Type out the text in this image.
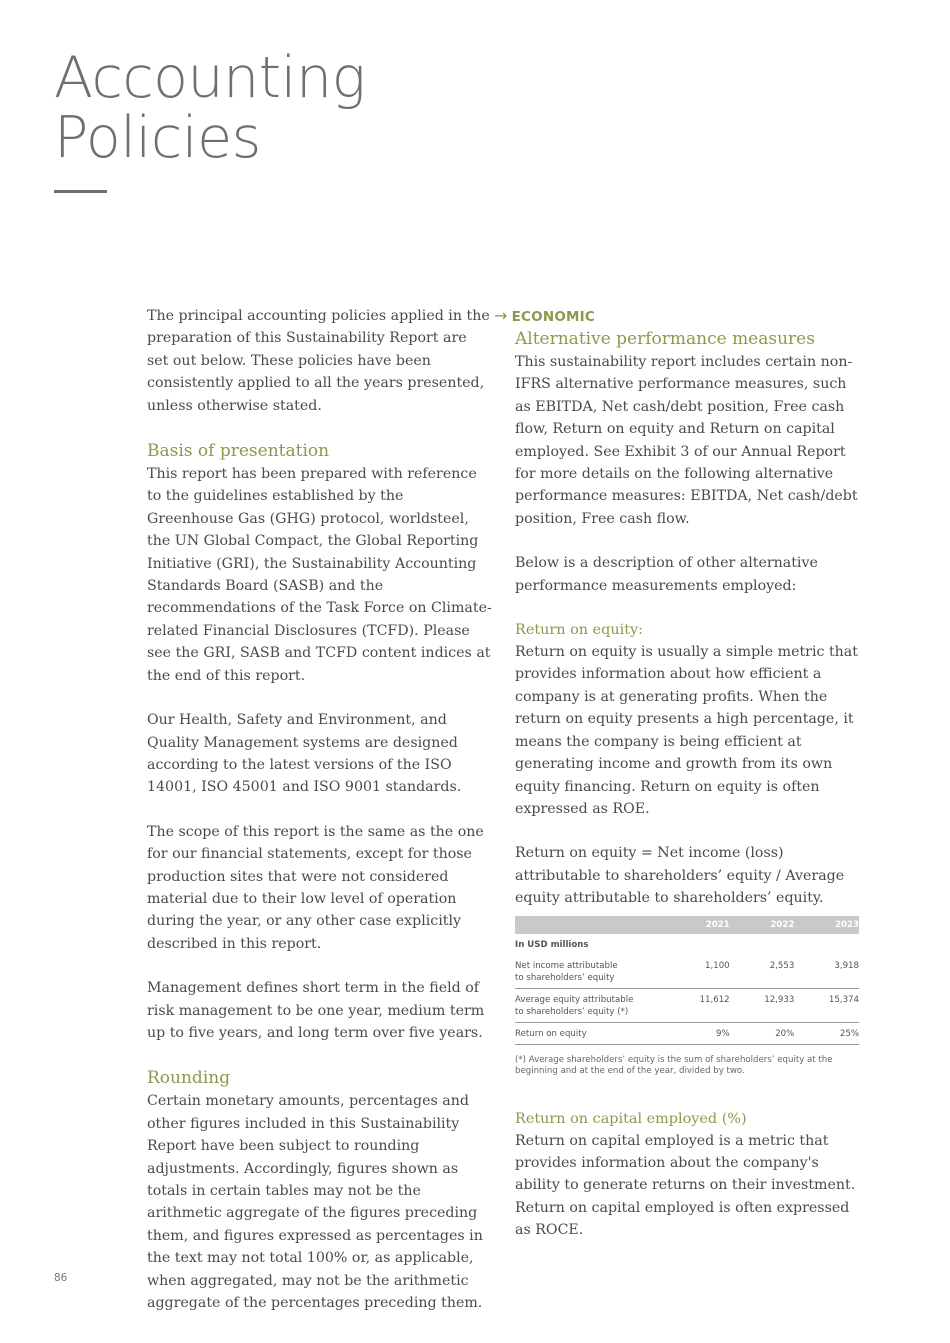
Accounting
Policies

The principal accounting policies applied in the preparation of this Sustainability Report are set out below. These policies have been consistently applied to all the years presented, unless otherwise stated.

Basis of presentation

This report has been prepared with reference to the guidelines established by the Greenhouse Gas (GHG) protocol, worldsteel, the UN Global Compact, the Global Reporting Initiative (GRI), the Sustainability Accounting Standards Board (SASB) and the recommendations of the Task Force on Climate-related Financial Disclosures (TCFD). Please see the GRI, SASB and TCFD content indices at the end of this report.

Our Health, Safety and Environment, and Quality Management systems are designed according to the latest versions of the ISO 14001, ISO 45001 and ISO 9001 standards.

The scope of this report is the same as the one for our financial statements, except for those production sites that were not considered material due to their low level of operation during the year, or any other case explicitly described in this report.

Management defines short term in the field of risk management to be one year, medium term up to five years, and long term over five years.

Rounding

Certain monetary amounts, percentages and other figures included in this Sustainability Report have been subject to rounding adjustments. Accordingly, figures shown as totals in certain tables may not be the arithmetic aggregate of the figures preceding them, and figures expressed as percentages in the text may not total 100% or, as applicable, when aggregated, may not be the arithmetic aggregate of the percentages preceding them.

→ ECONOMIC
Alternative performance measures

This sustainability report includes certain non-IFRS alternative performance measures, such as EBITDA, Net cash/debt position, Free cash flow, Return on equity and Return on capital employed. See Exhibit 3 of our Annual Report for more details on the following alternative performance measures: EBITDA, Net cash/debt position, Free cash flow.

Below is a description of other alternative performance measurements employed:

Return on equity:

Return on equity is usually a simple metric that provides information about how efficient a company is at generating profits. When the return on equity presents a high percentage, it means the company is being efficient at generating income and growth from its own equity financing. Return on equity is often expressed as ROE.

Return on equity = Net income (loss) attributable to shareholders’ equity / Average equity attributable to shareholders’ equity.

	2021	2022	2023
In USD millions			
Net income attributable
to shareholders’ equity	1,100	2,553	3,918
Average equity attributable
to shareholders’ equity (*)	11,612	12,933	15,374
Return on equity	9%	20%	25%
(*) Average shareholders’ equity is the sum of shareholders’ equity at the beginning and at the end of the year, divided by two.
Return on capital employed (%)

Return on capital employed is a metric that provides information about the company's ability to generate returns on their investment. Return on capital employed is often expressed as ROCE.

86
